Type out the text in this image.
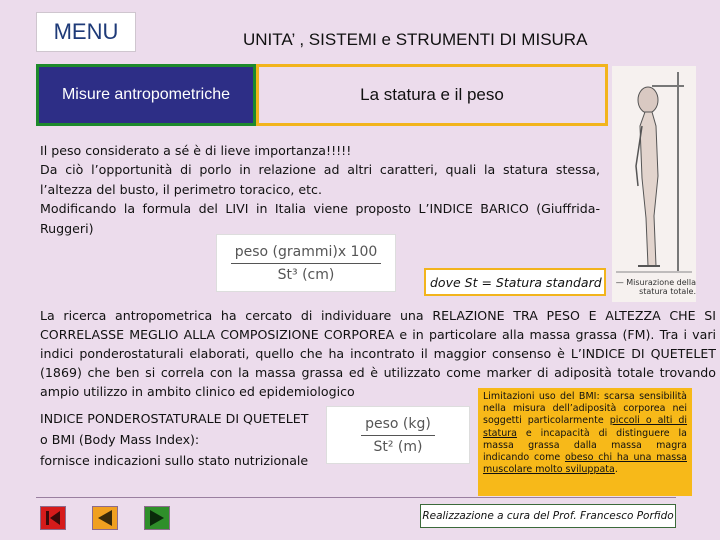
MENU	UNITA’ , SISTEMI e STRUMENTI DI MISURA
Misure antropometriche	La statura e il peso
Il peso considerato a sé è di lieve importanza!!!!!
Da ciò l’opportunità di porlo in relazione ad altri caratteri, quali la statura stessa, l’altezza del busto, il perimetro toracico, etc.
Modificando la formula del LIVI in Italia viene proposto L’INDICE BARICO (Giuffrida-Ruggeri)
$\frac{\text{peso (grammi)x 100}}{\text{St³ (cm)}}$	dove St = Statura standard	— Misurazione della statura totale.
La ricerca antropometrica ha cercato di individuare una RELAZIONE TRA PESO E ALTEZZA CHE SI CORRELASSE MEGLIO ALLA COMPOSIZIONE CORPOREA e in particolare alla massa grassa (FM). Tra i vari indici ponderostaturali elaborati, quello che ha incontrato il maggior consenso è L’INDICE DI QUETELET (1869) che ben si correla con la massa grassa ed è utilizzato come marker di adiposità totale trovando ampio utilizzo in ambito clinico ed epidemiologico
INDICE PONDEROSTATURALE DI QUETELET
o BMI (Body Mass Index):
fornisce indicazioni sullo stato nutrizionale
$\frac{\text{peso (kg)}}{\text{St² (m)}}$
Limitazioni uso del BMI: scarsa sensibilità nella misura dell’adiposità corporea nei soggetti particolarmente piccoli o alti di statura e incapacità di distinguere la massa grassa dalla massa magra indicando come obeso chi ha una massa muscolare molto sviluppata.
Realizzazione a cura del Prof. Francesco Porfido
